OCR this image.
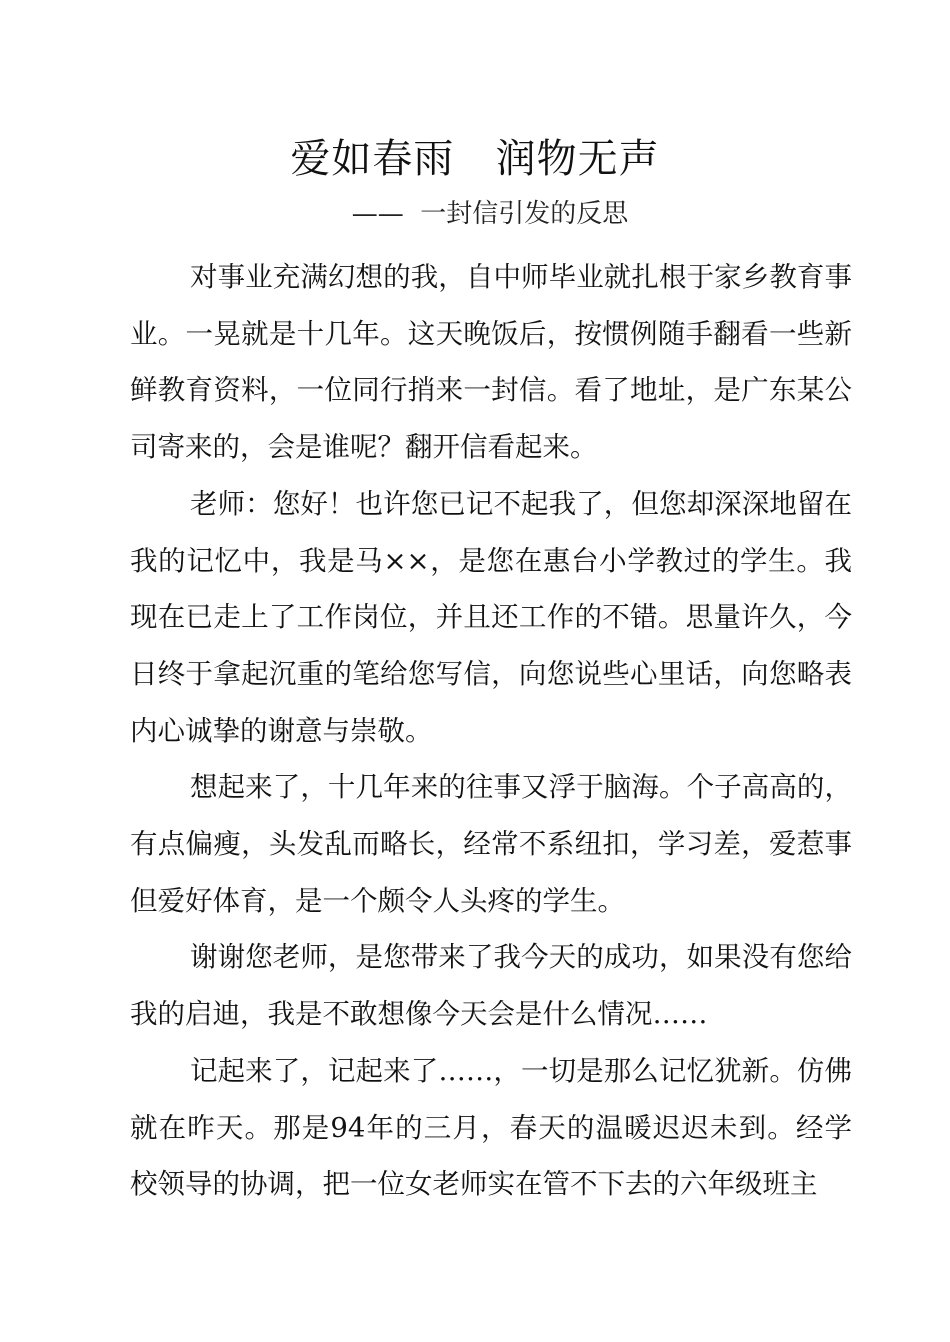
爱如春雨   润物无声
——  一封信引发的反思

对事业充满幻想的我，自中师毕业就扎根于家乡教育事业。一晃就是十几年。这天晚饭后，按惯例随手翻看一些新鲜教育资料，一位同行捎来一封信。看了地址，是广东某公司寄来的，会是谁呢？翻开信看起来。

老师：您好！也许您已记不起我了，但您却深深地留在我的记忆中，我是马××，是您在惠台小学教过的学生。我现在已走上了工作岗位，并且还工作的不错。思量许久，今日终于拿起沉重的笔给您写信，向您说些心里话，向您略表内心诚挚的谢意与崇敬。

想起来了，十几年来的往事又浮于脑海。个子高高的，有点偏瘦，头发乱而略长，经常不系纽扣，学习差，爱惹事但爱好体育，是一个颇令人头疼的学生。

谢谢您老师，是您带来了我今天的成功，如果没有您给我的启迪，我是不敢想像今天会是什么情况……

记起来了，记起来了……，一切是那么记忆犹新。仿佛就在昨天。那是94年的三月，春天的温暖迟迟未到。经学校领导的协调，把一位女老师实在管不下去的六年级班主
